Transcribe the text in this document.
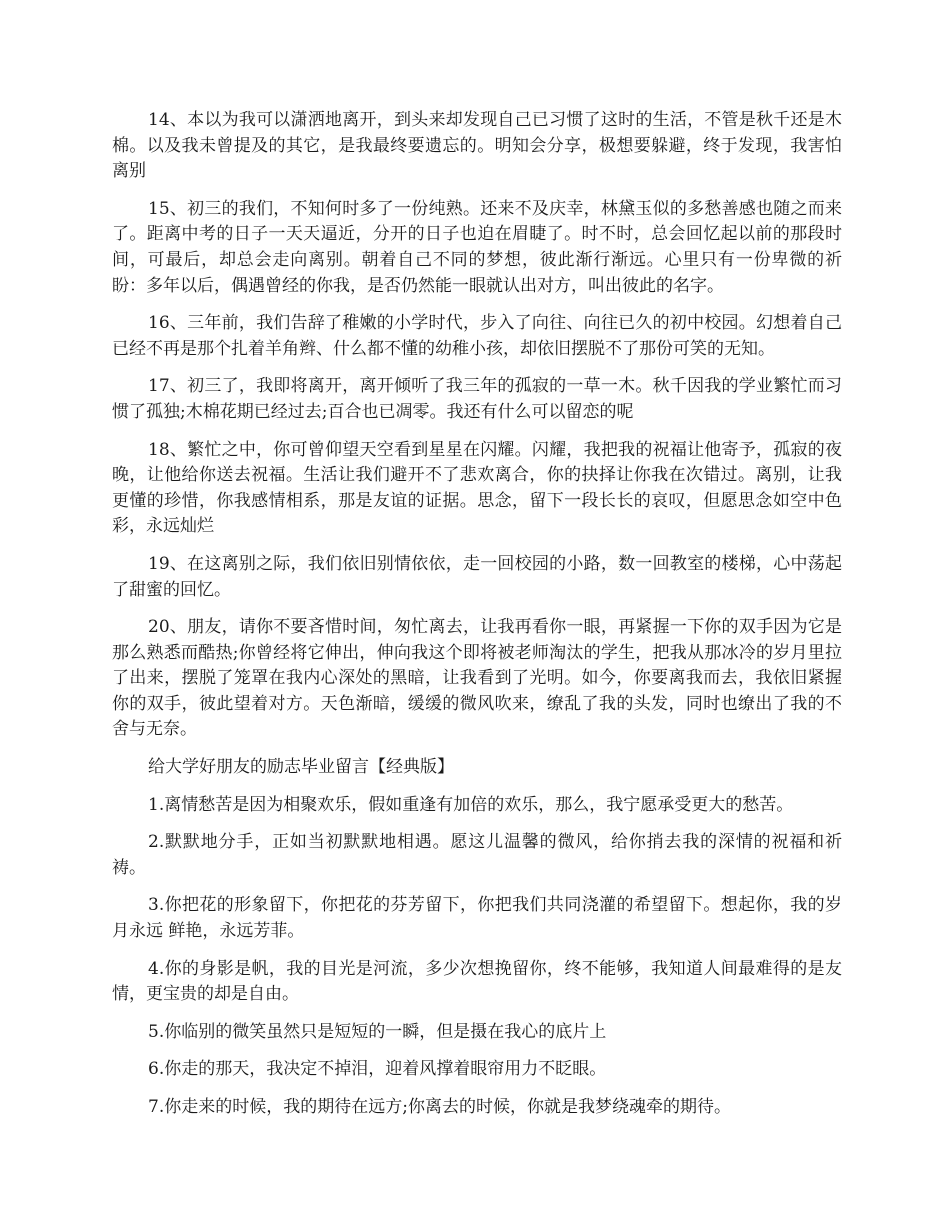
14、本以为我可以潇洒地离开，到头来却发现自己已习惯了这时的生活，不管是秋千还是木棉。以及我未曾提及的其它，是我最终要遗忘的。明知会分享，极想要躲避，终于发现，我害怕离别

15、初三的我们，不知何时多了一份纯熟。还来不及庆幸，林黛玉似的多愁善感也随之而来了。距离中考的日子一天天逼近，分开的日子也迫在眉睫了。时不时，总会回忆起以前的那段时间，可最后，却总会走向离别。朝着自己不同的梦想，彼此渐行渐远。心里只有一份卑微的祈盼：多年以后，偶遇曾经的你我，是否仍然能一眼就认出对方，叫出彼此的名字。

16、三年前，我们告辞了稚嫩的小学时代，步入了向往、向往已久的初中校园。幻想着自己已经不再是那个扎着羊角辫、什么都不懂的幼稚小孩，却依旧摆脱不了那份可笑的无知。

17、初三了，我即将离开，离开倾听了我三年的孤寂的一草一木。秋千因我的学业繁忙而习惯了孤独;木棉花期已经过去;百合也已凋零。我还有什么可以留恋的呢

18、繁忙之中，你可曾仰望天空看到星星在闪耀。闪耀，我把我的祝福让他寄予，孤寂的夜晚，让他给你送去祝福。生活让我们避开不了悲欢离合，你的抉择让你我在次错过。离别，让我更懂的珍惜，你我感情相系，那是友谊的证据。思念，留下一段长长的哀叹，但愿思念如空中色彩，永远灿烂

19、在这离别之际，我们依旧别情依依，走一回校园的小路，数一回教室的楼梯，心中荡起了甜蜜的回忆。

20、朋友，请你不要吝惜时间，匆忙离去，让我再看你一眼，再紧握一下你的双手因为它是那么熟悉而酷热;你曾经将它伸出，伸向我这个即将被老师淘汰的学生，把我从那冰冷的岁月里拉了出来，摆脱了笼罩在我内心深处的黑暗，让我看到了光明。如今，你要离我而去，我依旧紧握你的双手，彼此望着对方。天色渐暗，缓缓的微风吹来，缭乱了我的头发，同时也缭出了我的不舍与无奈。

给大学好朋友的励志毕业留言【经典版】

1.离情愁苦是因为相聚欢乐，假如重逢有加倍的欢乐，那么，我宁愿承受更大的愁苦。

2.默默地分手，正如当初默默地相遇。愿这儿温馨的微风，给你捎去我的深情的祝福和祈祷。

3.你把花的形象留下，你把花的芬芳留下，你把我们共同浇灌的希望留下。想起你，我的岁月永远 鲜艳，永远芳菲。

4.你的身影是帆，我的目光是河流，多少次想挽留你，终不能够，我知道人间最难得的是友情，更宝贵的却是自由。

5.你临别的微笑虽然只是短短的一瞬，但是摄在我心的底片上

6.你走的那天，我决定不掉泪，迎着风撑着眼帘用力不眨眼。

7.你走来的时候，我的期待在远方;你离去的时候，你就是我梦绕魂牵的期待。
